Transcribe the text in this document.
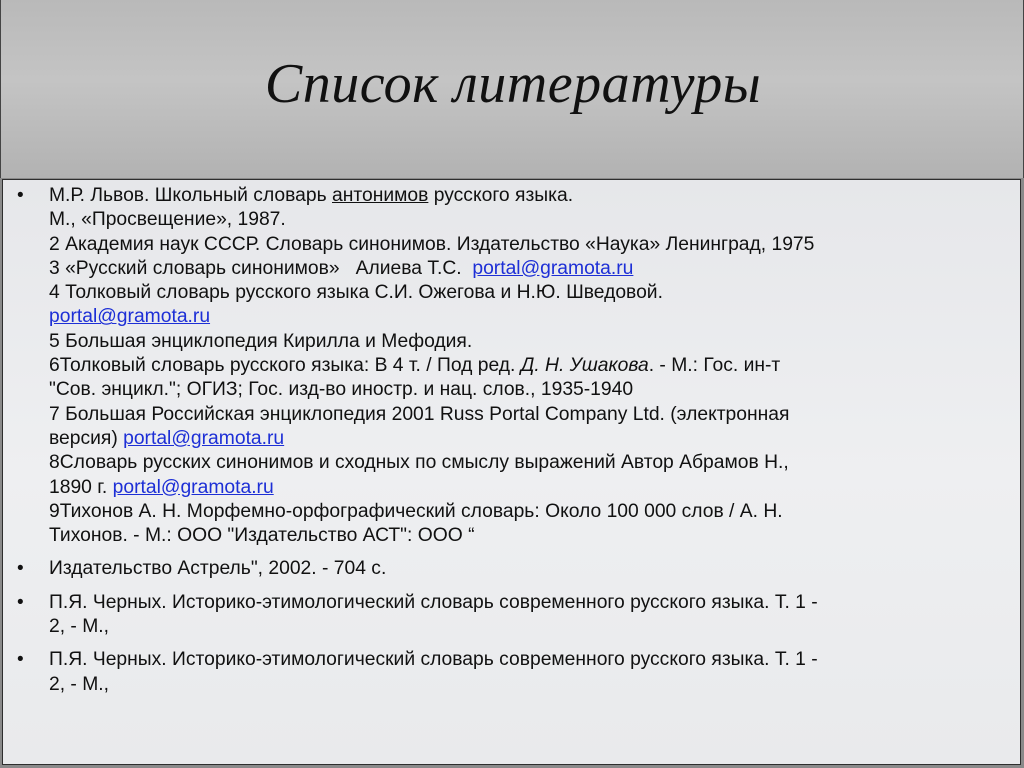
Список литературы
• М.Р. Львов. Школьный словарь антонимов русского языка.
М., «Просвещение», 1987.
2 Академия наук СССР. Словарь синонимов. Издательство «Наука» Ленинград, 1975
3 «Русский словарь синонимов»   Алиева Т.С.  portal@gramota.ru
4 Толковый словарь русского языка С.И. Ожегова и Н.Ю. Шведовой.
portal@gramota.ru
5 Большая энциклопедия Кирилла и Мефодия.
6Толковый словарь русского языка: В 4 т. / Под ред. Д. Н. Ушакова. - М.: Гос. ин-т
"Сов. энцикл."; ОГИЗ; Гос. изд-во иностр. и нац. слов., 1935-1940
7 Большая Российская энциклопедия 2001 Russ Portal Company Ltd. (электронная
версия) portal@gramota.ru
8Словарь русских синонимов и сходных по смыслу выражений Автор Абрамов Н.,
1890 г. portal@gramota.ru
9Тихонов А. Н. Морфемно-орфографический словарь: Около 100 000 слов / А. Н.
Тихонов. - М.: ООО "Издательство АСТ": ООО “
• Издательство Астрель", 2002. - 704 с.
• П.Я. Черных. Историко-этимологический словарь современного русского языка. Т. 1 -
2, - М.,
• П.Я. Черных. Историко-этимологический словарь современного русского языка. Т. 1 -
2, - М.,
